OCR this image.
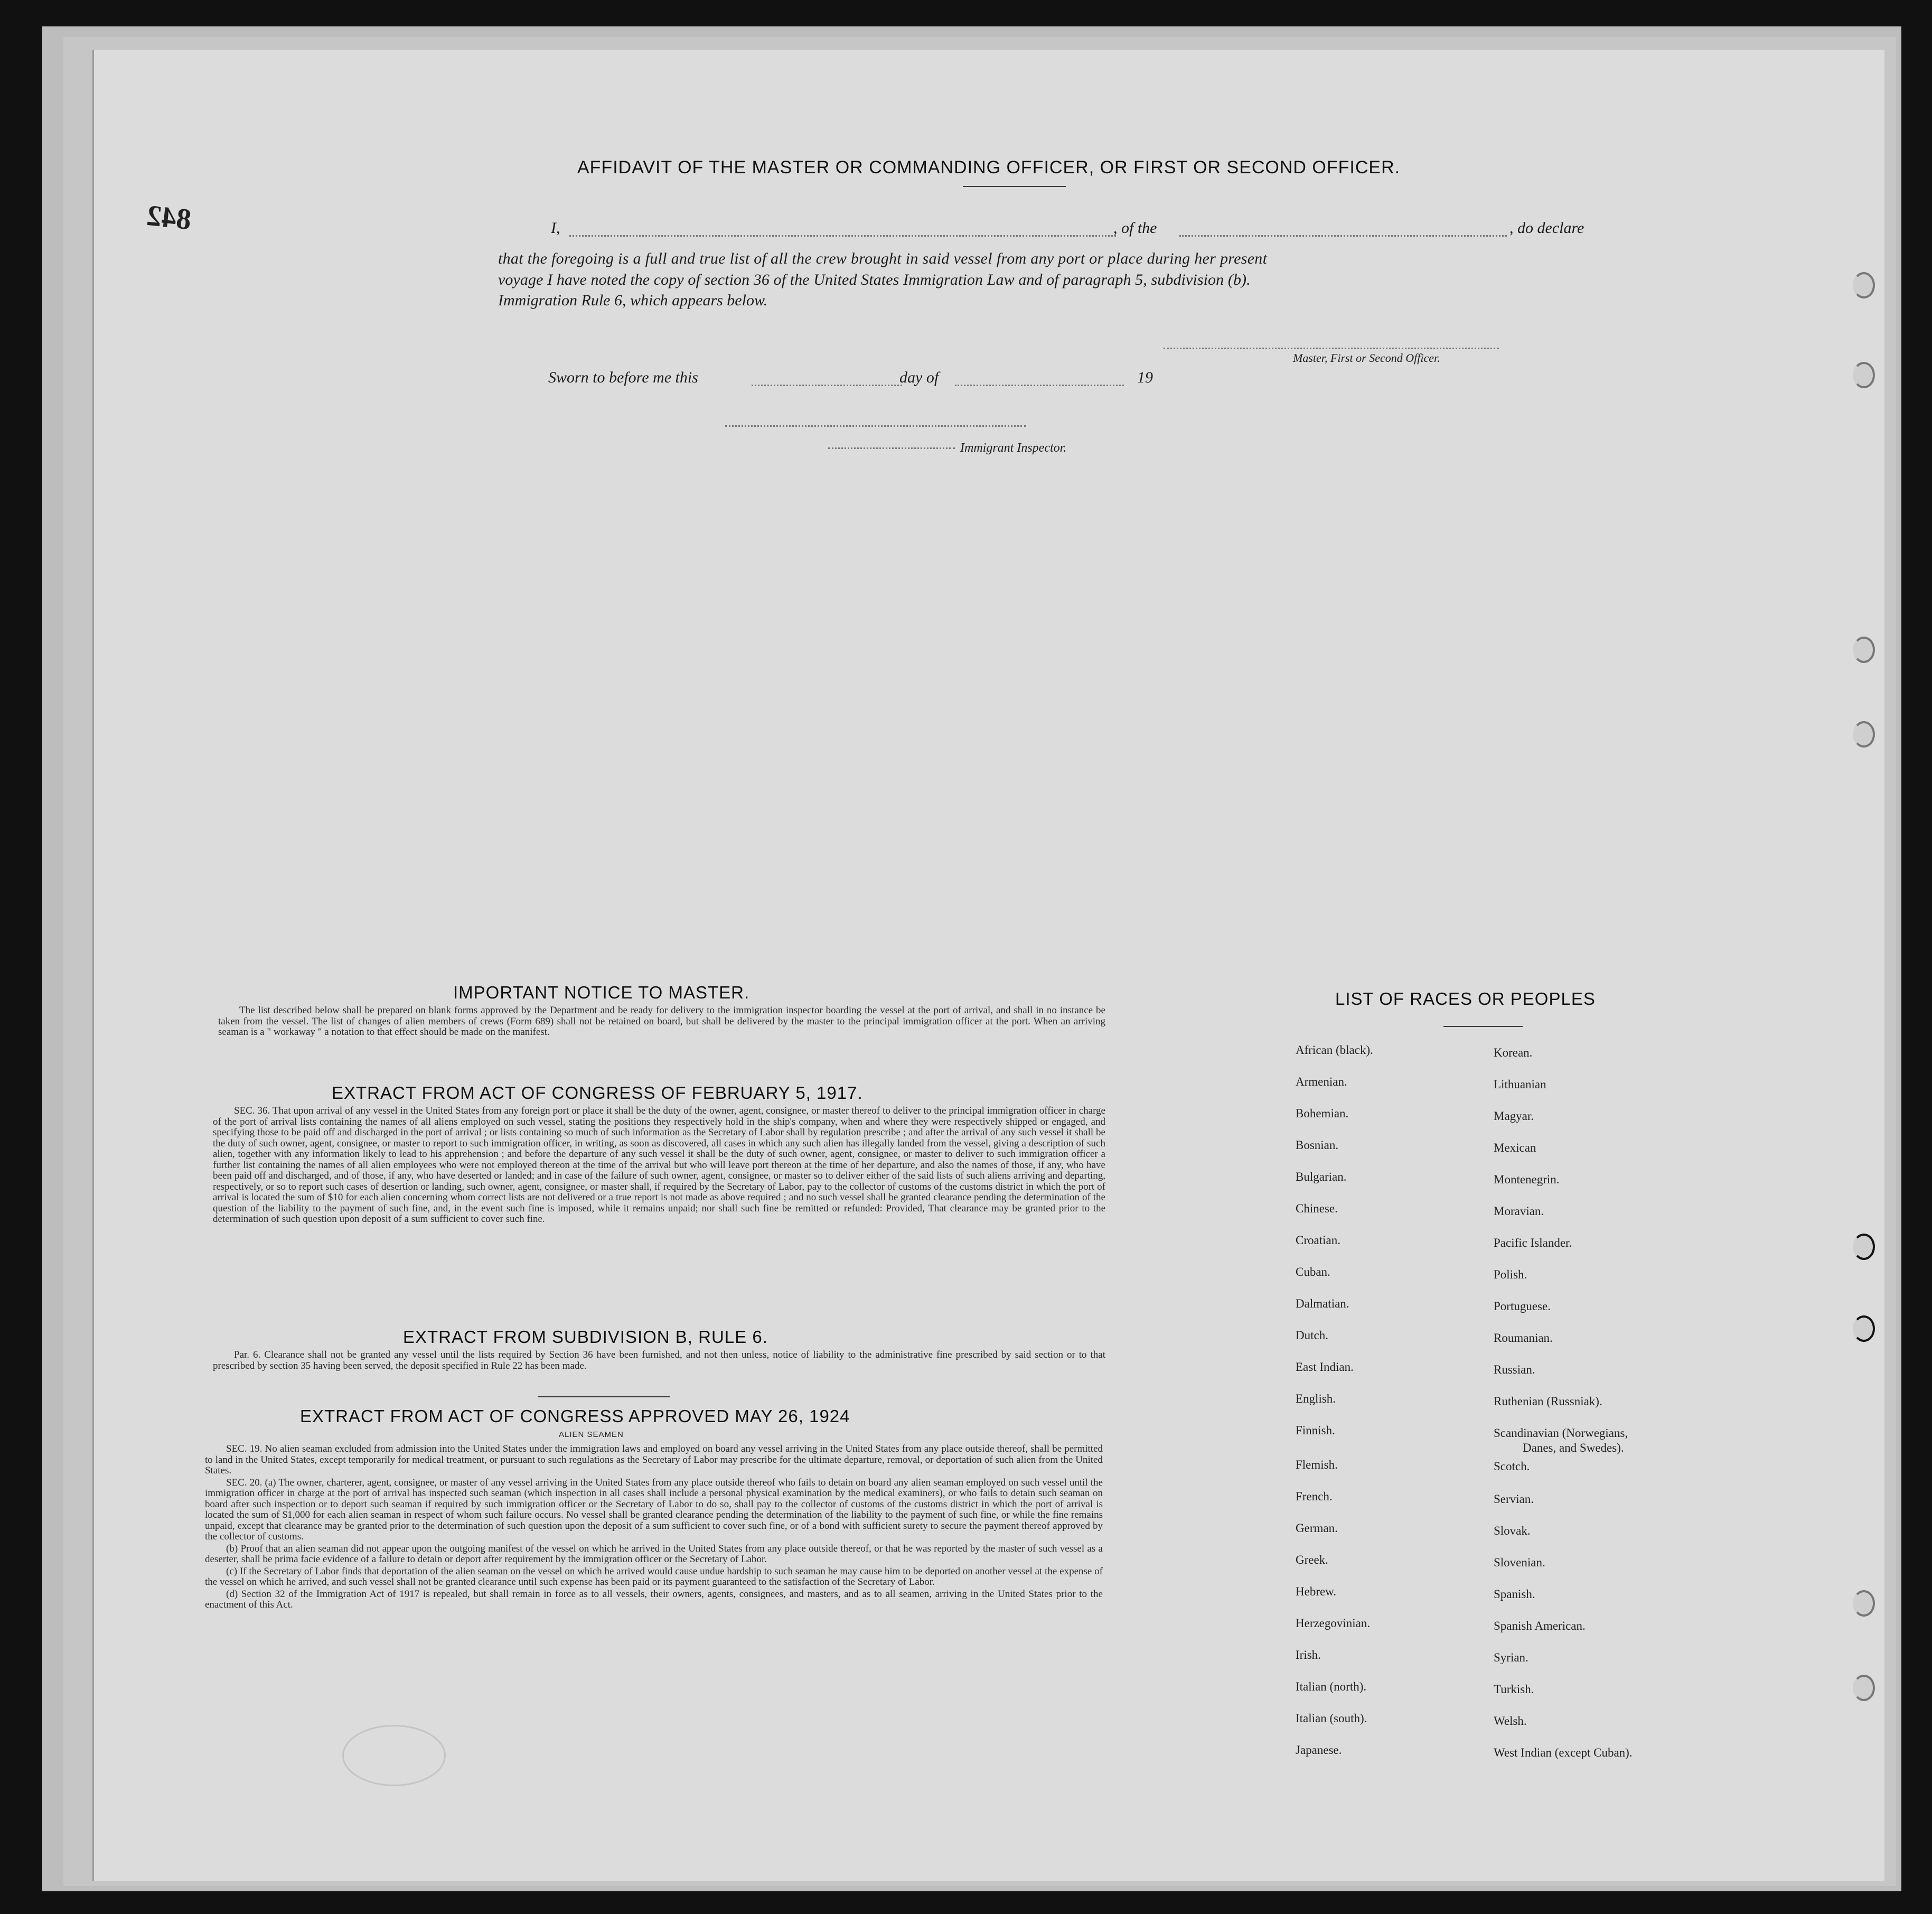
842
AFFIDAVIT OF THE MASTER OR COMMANDING OFFICER, OR FIRST OR SECOND OFFICER.
I,	, of the	, do declare
that the foregoing is a full and true list of all the crew brought in said vessel from any port or place during her present
voyage I have noted the copy of section 36 of the United States Immigration Law and of paragraph 5, subdivision (b).
Immigration Rule 6, which appears below.
Master, First or Second Officer.
Sworn to before me this	day of	19
Immigrant Inspector.
IMPORTANT NOTICE TO MASTER.
The list described below shall be prepared on blank forms approved by the Department and be ready for delivery to the immigration inspector boarding the vessel at the port of arrival, and shall in no instance be taken from the vessel. The list of changes of alien members of crews (Form 689) shall not be retained on board, but shall be delivered by the master to the principal immigration officer at the port. When an arriving seaman is a " workaway " a notation to that effect should be made on the manifest.
EXTRACT FROM ACT OF CONGRESS OF FEBRUARY 5, 1917.
SEC. 36. That upon arrival of any vessel in the United States from any foreign port or place it shall be the duty of the owner, agent, consignee, or master thereof to deliver to the principal immigration officer in charge of the port of arrival lists containing the names of all aliens employed on such vessel, stating the positions they respectively hold in the ship's company, when and where they were respectively shipped or engaged, and specifying those to be paid off and discharged in the port of arrival ; or lists containing so much of such information as the Secretary of Labor shall by regulation prescribe ; and after the arrival of any such vessel it shall be the duty of such owner, agent, consignee, or master to report to such immigration officer, in writing, as soon as discovered, all cases in which any such alien has illegally landed from the vessel, giving a description of such alien, together with any information likely to lead to his apprehension ; and before the departure of any such vessel it shall be the duty of such owner, agent, consignee, or master to deliver to such immigration officer a further list containing the names of all alien employees who were not employed thereon at the time of the arrival but who will leave port thereon at the time of her departure, and also the names of those, if any, who have been paid off and discharged, and of those, if any, who have deserted or landed; and in case of the failure of such owner, agent, consignee, or master so to deliver either of the said lists of such aliens arriving and departing, respectively, or so to report such cases of desertion or landing, such owner, agent, consignee, or master shall, if required by the Secretary of Labor, pay to the collector of customs of the customs district in which the port of arrival is located the sum of $10 for each alien concerning whom correct lists are not delivered or a true report is not made as above required ; and no such vessel shall be granted clearance pending the determination of the question of the liability to the payment of such fine, and, in the event such fine is imposed, while it remains unpaid; nor shall such fine be remitted or refunded: Provided, That clearance may be granted prior to the determination of such question upon deposit of a sum sufficient to cover such fine.
EXTRACT FROM SUBDIVISION B, RULE 6.
Par. 6. Clearance shall not be granted any vessel until the lists required by Section 36 have been furnished, and not then unless, notice of liability to the administrative fine prescribed by said section or to that prescribed by section 35 having been served, the deposit specified in Rule 22 has been made.
EXTRACT FROM ACT OF CONGRESS APPROVED MAY 26, 1924
ALIEN SEAMEN

SEC. 19. No alien seaman excluded from admission into the United States under the immigration laws and employed on board any vessel arriving in the United States from any place outside thereof, shall be permitted to land in the United States, except temporarily for medical treatment, or pursuant to such regulations as the Secretary of Labor may prescribe for the ultimate departure, removal, or deportation of such alien from the United States.

SEC. 20. (a) The owner, charterer, agent, consignee, or master of any vessel arriving in the United States from any place outside thereof who fails to detain on board any alien seaman employed on such vessel until the immigration officer in charge at the port of arrival has inspected such seaman (which inspection in all cases shall include a personal physical examination by the medical examiners), or who fails to detain such seaman on board after such inspection or to deport such seaman if required by such immigration officer or the Secretary of Labor to do so, shall pay to the collector of customs of the customs district in which the port of arrival is located the sum of $1,000 for each alien seaman in respect of whom such failure occurs. No vessel shall be granted clearance pending the determination of the liability to the payment of such fine, or while the fine remains unpaid, except that clearance may be granted prior to the determination of such question upon the deposit of a sum sufficient to cover such fine, or of a bond with sufficient surety to secure the payment thereof approved by the collector of customs.

(b) Proof that an alien seaman did not appear upon the outgoing manifest of the vessel on which he arrived in the United States from any place outside thereof, or that he was reported by the master of such vessel as a deserter, shall be prima facie evidence of a failure to detain or deport after requirement by the immigration officer or the Secretary of Labor.

(c) If the Secretary of Labor finds that deportation of the alien seaman on the vessel on which he arrived would cause undue hardship to such seaman he may cause him to be deported on another vessel at the expense of the vessel on which he arrived, and such vessel shall not be granted clearance until such expense has been paid or its payment guaranteed to the satisfaction of the Secretary of Labor.

(d) Section 32 of the Immigration Act of 1917 is repealed, but shall remain in force as to all vessels, their owners, agents, consignees, and masters, and as to all seamen, arriving in the United States prior to the enactment of this Act.

LIST OF RACES OR PEOPLES
African (black).
Armenian.
Bohemian.
Bosnian.
Bulgarian.
Chinese.
Croatian.
Cuban.
Dalmatian.
Dutch.
East Indian.
English.
Finnish.
Flemish.
French.
German.
Greek.
Hebrew.
Herzegovinian.
Irish.
Italian (north).
Italian (south).
Japanese.
Korean.
Lithuanian
Magyar.
Mexican
Montenegrin.
Moravian.
Pacific Islander.
Polish.
Portuguese.
Roumanian.
Russian.
Ruthenian (Russniak).
Scandinavian (Norwegians,
Danes, and Swedes).
Scotch.
Servian.
Slovak.
Slovenian.
Spanish.
Spanish American.
Syrian.
Turkish.
Welsh.
West Indian (except Cuban).
